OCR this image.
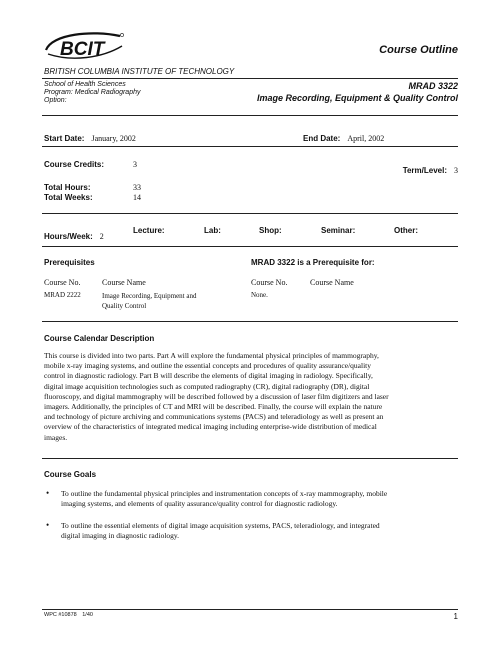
BCIT	Course Outline
BRITISH COLUMBIA INSTITUTE OF TECHNOLOGY
School of Health Sciences
Program: Medical Radiography
Option:
MRAD 3322
Image Recording, Equipment & Quality Control
Start Date: January, 2002	End Date: April, 2002
Course Credits:	3
Term/Level: 3
Total Hours:	33
Total Weeks:	14
Hours/Week: 2
Lecture:	Lab:	Shop:	Seminar:	Other:
Prerequisites	MRAD 3322 is a Prerequisite for:
Course No.	Course Name	Course No.	Course Name
MRAD 2222	Image Recording, Equipment and
Quality Control
None.
Course Calendar Description
This course is divided into two parts. Part A will explore the fundamental physical principles of mammography,
mobile x-ray imaging systems, and outline the essential concepts and procedures of quality assurance/quality
control in diagnostic radiology. Part B will describe the elements of digital imaging in radiology. Specifically,
digital image acquisition technologies such as computed radiography (CR), digital radiography (DR), digital
fluoroscopy, and digital mammography will be described followed by a discussion of laser film digitizers and laser
imagers. Additionally, the principles of CT and MRI will be described. Finally, the course will explain the nature
and technology of picture archiving and communications systems (PACS) and teleradiology as well as present an
overview of the characteristics of integrated medical imaging including enterprise-wide distribution of medical
images.
Course Goals
• To outline the fundamental physical principles and instrumentation concepts of x-ray mammography, mobile
imaging systems, and elements of quality assurance/quality control for diagnostic radiology.
• To outline the essential elements of digital image acquisition systems, PACS, teleradiology, and integrated
digital imaging in diagnostic radiology.
WPC #10878 1/40	1
